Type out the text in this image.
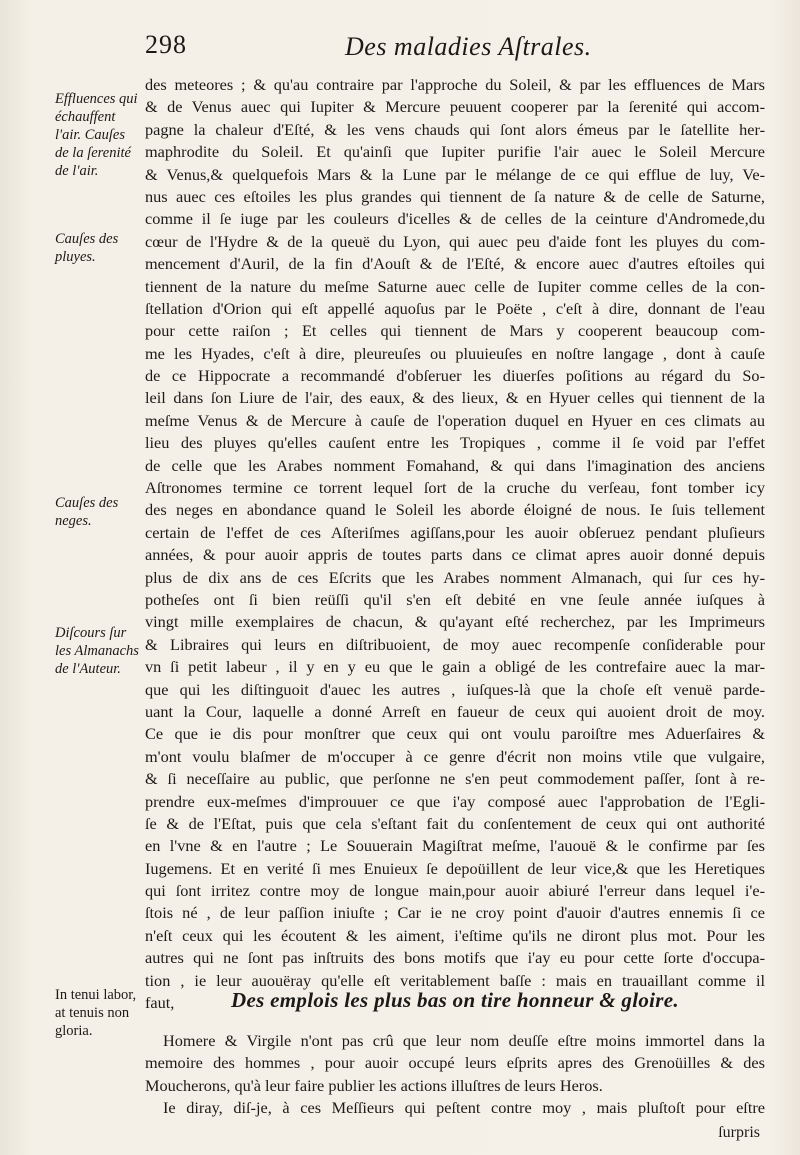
298	Des maladies Aſtrales.
Effluences qui échauffent l'air. Cauſes de la ſerenité de l'air.
Cauſes des pluyes.
Cauſes des neges.
Diſcours ſur les Almanachs de l'Auteur.
In tenui labor, at tenuis non gloria.
des meteores ; & qu'au contraire par l'approche du Soleil, & par les effluences de Mars
& de Venus auec qui Iupiter & Mercure peuuent cooperer par la ſerenité qui accom-
pagne la chaleur d'Eſté, & les vens chauds qui ſont alors émeus par le ſatellite her-
maphrodite du Soleil. Et qu'ainſi que Iupiter purifie l'air auec le Soleil Mercure
& Venus,& quelquefois Mars & la Lune par le mélange de ce qui efflue de luy, Ve-
nus auec ces eſtoiles les plus grandes qui tiennent de ſa nature & de celle de Saturne,
comme il ſe iuge par les couleurs d'icelles & de celles de la ceinture d'Andromede,du
cœur de l'Hydre & de la queuë du Lyon, qui auec peu d'aide font les pluyes du com-
mencement d'Auril, de la fin d'Aouſt & de l'Eſté, & encore auec d'autres eſtoiles qui
tiennent de la nature du meſme Saturne auec celle de Iupiter comme celles de la con-
ſtellation d'Orion qui eſt appellé aquoſus par le Poëte , c'eſt à dire, donnant de l'eau
pour cette raiſon ; Et celles qui tiennent de Mars y cooperent beaucoup com-
me les Hyades, c'eſt à dire, pleureuſes ou pluuieuſes en noſtre langage , dont à cauſe
de ce Hippocrate a recommandé d'obſeruer les diuerſes poſitions au régard du So-
leil dans ſon Liure de l'air, des eaux, & des lieux, & en Hyuer celles qui tiennent de la
meſme Venus & de Mercure à cauſe de l'operation duquel en Hyuer en ces climats au
lieu des pluyes qu'elles cauſent entre les Tropiques , comme il ſe void par l'effet
de celle que les Arabes nomment Fomahand, & qui dans l'imagination des anciens
Aſtronomes termine ce torrent lequel ſort de la cruche du verſeau, font tomber icy
des neges en abondance quand le Soleil les aborde éloigné de nous. Ie ſuis tellement
certain de l'effet de ces Aſteriſmes agiſſans,pour les auoir obſeruez pendant pluſieurs
années, & pour auoir appris de toutes parts dans ce climat apres auoir donné depuis
plus de dix ans de ces Eſcrits que les Arabes nomment Almanach, qui ſur ces hy-
potheſes ont ſi bien reüſſi qu'il s'en eſt debité en vne ſeule année iuſques à
vingt mille exemplaires de chacun, & qu'ayant eſté recherchez, par les Imprimeurs
& Libraires qui leurs en diſtribuoient, de moy auec recompenſe conſiderable pour
vn ſi petit labeur , il y en y eu que le gain a obligé de les contrefaire auec la mar-
que qui les diſtinguoit d'auec les autres , iuſques-là que la choſe eſt venuë parde-
uant la Cour, laquelle a donné Arreſt en faueur de ceux qui auoient droit de moy.
Ce que ie dis pour monſtrer que ceux qui ont voulu paroiſtre mes Aduerſaires &
m'ont voulu blaſmer de m'occuper à ce genre d'écrit non moins vtile que vulgaire,
& ſi neceſſaire au public, que perſonne ne s'en peut commodement paſſer, ſont à re-
prendre eux-meſmes d'improuuer ce que i'ay composé auec l'approbation de l'Egli-
ſe & de l'Eſtat, puis que cela s'eſtant fait du conſentement de ceux qui ont authorité
en l'vne & en l'autre ; Le Souuerain Magiſtrat meſme, l'auouë & le confirme par ſes
Iugemens. Et en verité ſi mes Enuieux ſe depoüillent de leur vice,& que les Heretiques
qui ſont irritez contre moy de longue main,pour auoir abiuré l'erreur dans lequel i'e-
ſtois né , de leur paſſion iniuſte ; Car ie ne croy point d'auoir d'autres ennemis ſi ce
n'eſt ceux qui les écoutent & les aiment, i'eſtime qu'ils ne diront plus mot. Pour les
autres qui ne ſont pas inſtruits des bons motifs que i'ay eu pour cette ſorte d'occupa-
tion , ie leur auouëray qu'elle eſt veritablement baſſe : mais en trauaillant comme il
faut,	Des emplois les plus bas on tire honneur & gloire.
Homere & Virgile n'ont pas crû que leur nom deuſſe eſtre moins immortel dans la
memoire des hommes , pour auoir occupé leurs eſprits apres des Grenoüilles & des
Moucherons, qu'à leur faire publier les actions illuſtres de leurs Heros.
Ie diray, diſ-je, à ces Meſſieurs qui peſtent contre moy , mais pluſtoſt pour eſtre
ſurpris
